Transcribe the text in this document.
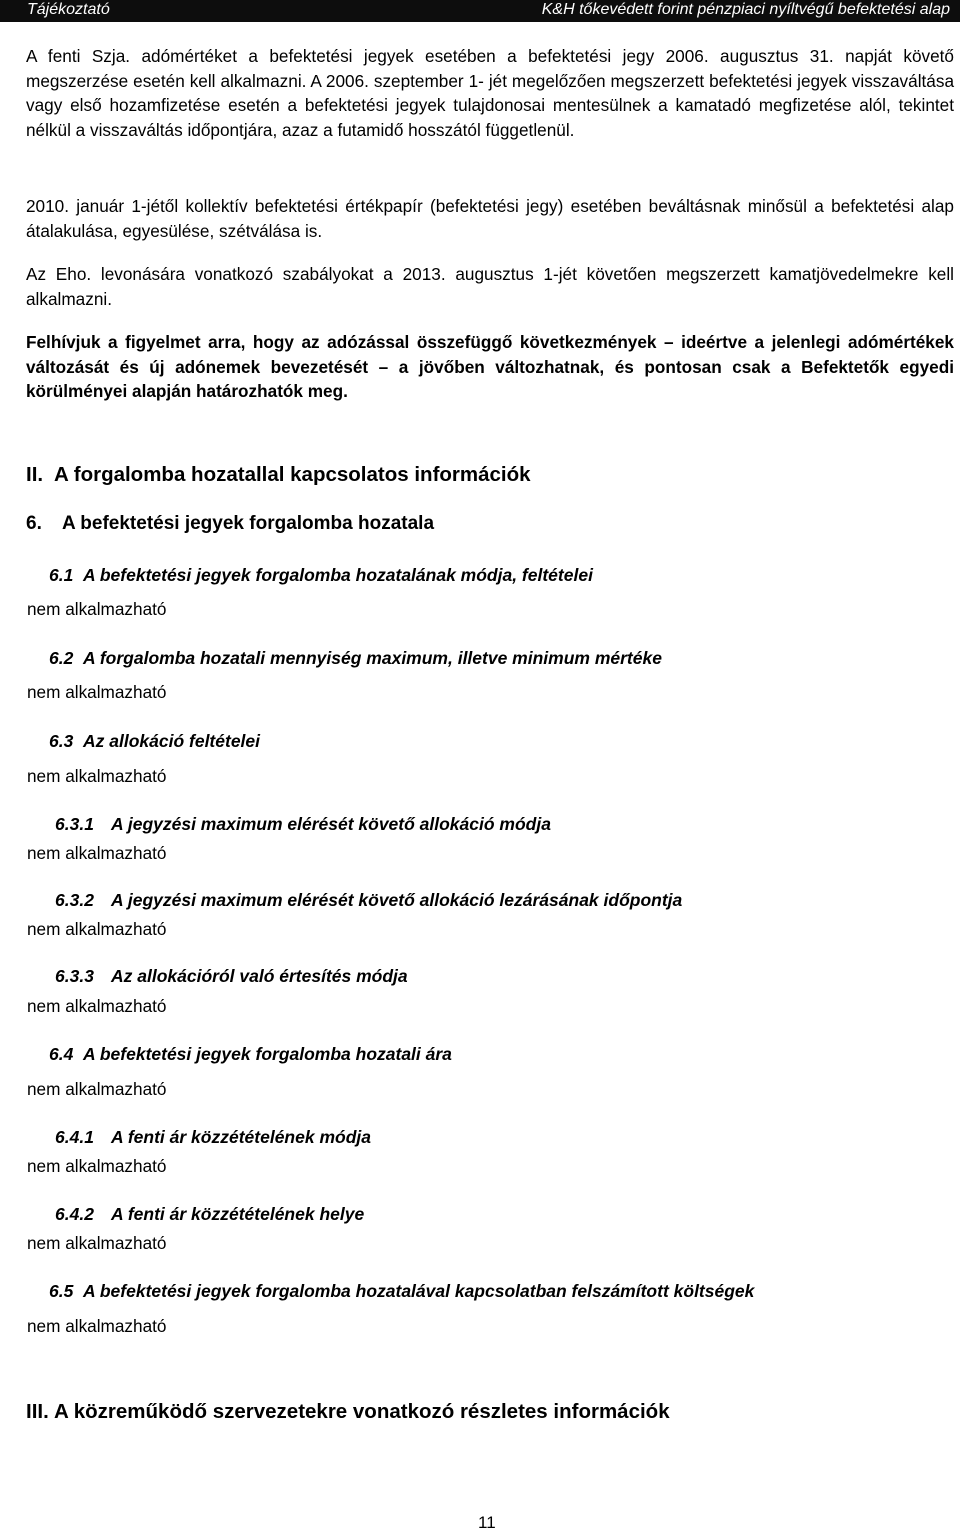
Tájékoztató	K&H tőkevédett forint pénzpiaci nyíltvégű befektetési alap

A fenti Szja. adómértéket a befektetési jegyek esetében a befektetési jegy 2006. augusztus 31. napját követő megszerzése esetén kell alkalmazni. A 2006. szeptember 1- jét megelőzően megszerzett befektetési jegyek visszaváltása vagy első hozamfizetése esetén a befektetési jegyek tulajdonosai mentesülnek a kamatadó megfizetése alól, tekintet nélkül a visszaváltás időpontjára, azaz a futamidő hosszától függetlenül.

2010. január 1-jétől kollektív befektetési értékpapír (befektetési jegy) esetében beváltásnak minősül a befektetési alap átalakulása, egyesülése, szétválása is.

Az Eho. levonására vonatkozó szabályokat a 2013. augusztus 1-jét követően megszerzett kamatjövedelmekre kell alkalmazni.

Felhívjuk a figyelmet arra, hogy az adózással összefüggő következmények – ideértve a jelenlegi adómértékek változását és új adónemek bevezetését – a jövőben változhatnak, és pontosan csak a Befektetők egyedi körülményei alapján határozhatók meg.

II. A forgalomba hozatallal kapcsolatos információk
6. A befektetési jegyek forgalomba hozatala
6.1 A befektetési jegyek forgalomba hozatalának módja, feltételei
nem alkalmazható
6.2 A forgalomba hozatali mennyiség maximum, illetve minimum mértéke
nem alkalmazható
6.3 Az allokáció feltételei
nem alkalmazható
6.3.1 A jegyzési maximum elérését követő allokáció módja
nem alkalmazható
6.3.2 A jegyzési maximum elérését követő allokáció lezárásának időpontja
nem alkalmazható
6.3.3 Az allokációról való értesítés módja
nem alkalmazható
6.4 A befektetési jegyek forgalomba hozatali ára
nem alkalmazható
6.4.1 A fenti ár közzétételének módja
nem alkalmazható
6.4.2 A fenti ár közzétételének helye
nem alkalmazható
6.5 A befektetési jegyek forgalomba hozatalával kapcsolatban felszámított költségek
nem alkalmazható
III. A közreműködő szervezetekre vonatkozó részletes információk
11
